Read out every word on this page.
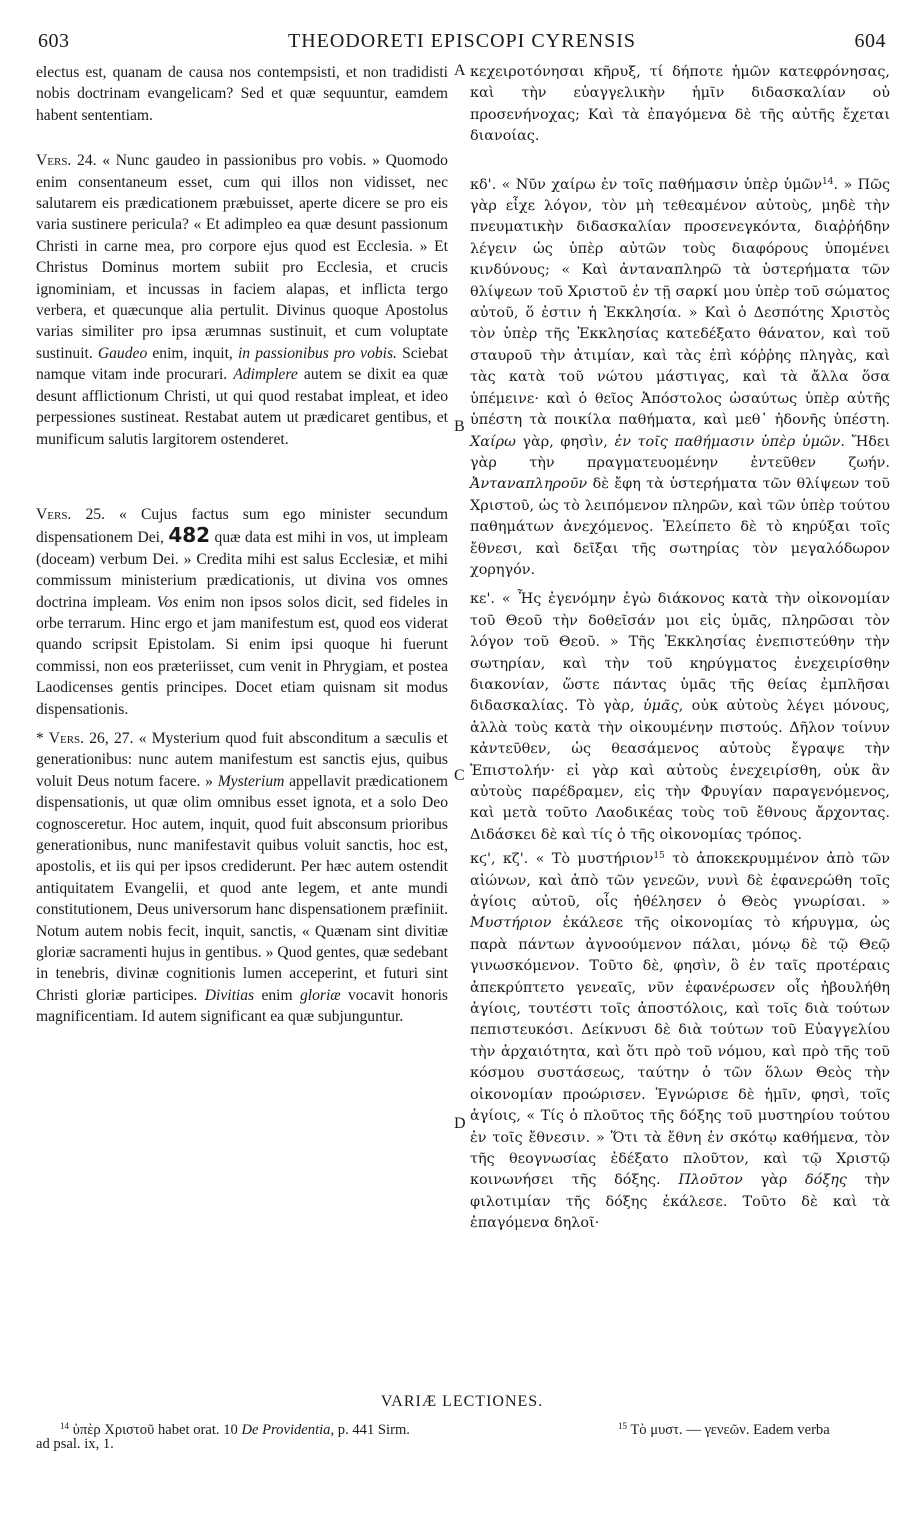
603	THEODORETI EPISCOPI CYRENSIS	604
A
B
C
D

electus est, quanam de causa nos contempsisti, et non tradidisti nobis doctrinam evangelicam? Sed et quæ sequuntur, eamdem habent sententiam.

Vers. 24. « Nunc gaudeo in passionibus pro vobis. » Quomodo enim consentaneum esset, cum qui illos non vidisset, nec salutarem eis prædicationem præbuisset, aperte dicere se pro eis varia sustinere pericula? « Et adimpleo ea quæ desunt passionum Christi in carne mea, pro corpore ejus quod est Ecclesia. » Et Christus Dominus mortem subiit pro Ecclesia, et crucis ignominiam, et incussas in faciem alapas, et inflicta tergo verbera, et quæcunque alia pertulit. Divinus quoque Apostolus varias similiter pro ipsa ærumnas sustinuit, et cum voluptate sustinuit. Gaudeo enim, inquit, in passionibus pro vobis. Sciebat namque vitam inde procurari. Adimplere autem se dixit ea quæ desunt afflictionum Christi, ut qui quod restabat impleat, et ideo perpessiones sustineat. Restabat autem ut prædicaret gentibus, et munificum salutis largitorem ostenderet.

Vers. 25. « Cujus factus sum ego minister secundum dispensationem Dei, 482 quæ data est mihi in vos, ut impleam (doceam) verbum Dei. » Credita mihi est salus Ecclesiæ, et mihi commissum ministerium prædicationis, ut divina vos omnes doctrina impleam. Vos enim non ipsos solos dicit, sed fideles in orbe terrarum. Hinc ergo et jam manifestum est, quod eos viderat quando scripsit Epistolam. Si enim ipsi quoque hi fuerunt commissi, non eos præteriisset, cum venit in Phrygiam, et postea Laodicenses gentis principes. Docet etiam quisnam sit modus dispensationis.

* Vers. 26, 27. « Mysterium quod fuit absconditum a sæculis et generationibus: nunc autem manifestum est sanctis ejus, quibus voluit Deus notum facere. » Mysterium appellavit prædicationem dispensationis, ut quæ olim omnibus esset ignota, et a solo Deo cognosceretur. Hoc autem, inquit, quod fuit absconsum prioribus generationibus, nunc manifestavit quibus voluit sanctis, hoc est, apostolis, et iis qui per ipsos crediderunt. Per hæc autem ostendit antiquitatem Evangelii, et quod ante legem, et ante mundi constitutionem, Deus universorum hanc dispensationem præfiniit. Notum autem nobis fecit, inquit, sanctis, « Quænam sint divitiæ gloriæ sacramenti hujus in gentibus. » Quod gentes, quæ sedebant in tenebris, divinæ cognitionis lumen acceperint, et futuri sint Christi gloriæ participes. Divitias enim gloriæ vocavit honoris magnificentiam. Id autem significant ea quæ subjunguntur.

κεχειροτόνησαι κῆρυξ, τί δήποτε ἡμῶν κατεφρόνησας, καὶ τὴν εὐαγγελικὴν ἡμῖν διδασκαλίαν οὐ προσενήνοχας; Καὶ τὰ ἐπαγόμενα δὲ τῆς αὐτῆς ἔχεται διανοίας.

κδ'. « Νῦν χαίρω ἐν τοῖς παθήμασιν ὑπὲρ ὑμῶν$^{14}$. » Πῶς γὰρ εἶχε λόγον, τὸν μὴ τεθεαμένον αὐτοὺς, μηδὲ τὴν πνευματικὴν διδασκαλίαν προσενεγκόντα, διαῤῥήδην λέγειν ὡς ὑπὲρ αὐτῶν τοὺς διαφόρους ὑπομένει κινδύνους; « Καὶ ἀνταναπληρῶ τὰ ὑστερήματα τῶν θλίψεων τοῦ Χριστοῦ ἐν τῇ σαρκί μου ὑπὲρ τοῦ σώματος αὐτοῦ, ὅ ἐστιν ἡ Ἐκκλησία. » Καὶ ὁ Δεσπότης Χριστὸς τὸν ὑπὲρ τῆς Ἐκκλησίας κατεδέξατο θάνατον, καὶ τοῦ σταυροῦ τὴν ἀτιμίαν, καὶ τὰς ἐπὶ κόῤῥης πληγὰς, καὶ τὰς κατὰ τοῦ νώτου μάστιγας, καὶ τὰ ἄλλα ὅσα ὑπέμεινε· καὶ ὁ θεῖος Ἀπόστολος ὡσαύτως ὑπὲρ αὐτῆς ὑπέστη τὰ ποικίλα παθήματα, καὶ μεθ᾽ ἡδονῆς ὑπέστη. Χαίρω γὰρ, φησὶν, ἐν τοῖς παθήμασιν ὑπὲρ ὑμῶν. Ἤδει γὰρ τὴν πραγματευομένην ἐντεῦθεν ζωήν. Ἀνταναπληροῦν δὲ ἔφη τὰ ὑστερήματα τῶν θλίψεων τοῦ Χριστοῦ, ὡς τὸ λειπόμενον πληρῶν, καὶ τῶν ὑπὲρ τούτου παθημάτων ἀνεχόμενος. Ἐλείπετο δὲ τὸ κηρύξαι τοῖς ἔθνεσι, καὶ δεῖξαι τῆς σωτηρίας τὸν μεγαλόδωρον χορηγόν.

κε'. « Ἧς ἐγενόμην ἐγὼ διάκονος κατὰ τὴν οἰκονομίαν τοῦ Θεοῦ τὴν δοθεῖσάν μοι εἰς ὑμᾶς, πληρῶσαι τὸν λόγον τοῦ Θεοῦ. » Τῆς Ἐκκλησίας ἐνεπιστεύθην τὴν σωτηρίαν, καὶ τὴν τοῦ κηρύγματος ἐνεχειρίσθην διακονίαν, ὥστε πάντας ὑμᾶς τῆς θείας ἐμπλῆσαι διδασκαλίας. Τὸ γὰρ, ὑμᾶς, οὐκ αὐτοὺς λέγει μόνους, ἀλλὰ τοὺς κατὰ τὴν οἰκουμένην πιστούς. Δῆλον τοίνυν κἀντεῦθεν, ὡς θεασάμενος αὐτοὺς ἔγραψε τὴν Ἐπιστολήν· εἰ γὰρ καὶ αὐτοὺς ἐνεχειρίσθη, οὐκ ἂν αὐτοὺς παρέδραμεν, εἰς τὴν Φρυγίαν παραγενόμενος, καὶ μετὰ τοῦτο Λαοδικέας τοὺς τοῦ ἔθνους ἄρχοντας. Διδάσκει δὲ καὶ τίς ὁ τῆς οἰκονομίας τρόπος.

κϛ', κζ'. « Τὸ μυστήριον$^{15}$ τὸ ἀποκεκρυμμένον ἀπὸ τῶν αἰώνων, καὶ ἀπὸ τῶν γενεῶν, νυνὶ δὲ ἐφανερώθη τοῖς ἁγίοις αὐτοῦ, οἷς ἠθέλησεν ὁ Θεὸς γνωρίσαι. » Μυστήριον ἐκάλεσε τῆς οἰκονομίας τὸ κήρυγμα, ὡς παρὰ πάντων ἀγνοούμενον πάλαι, μόνῳ δὲ τῷ Θεῷ γινωσκόμενον. Τοῦτο δὲ, φησὶν, ὃ ἐν ταῖς προτέραις ἀπεκρύπτετο γενεαῖς, νῦν ἐφανέρωσεν οἷς ἠβουλήθη ἁγίοις, τουτέστι τοῖς ἀποστόλοις, καὶ τοῖς διὰ τούτων πεπιστευκόσι. Δείκνυσι δὲ διὰ τούτων τοῦ Εὐαγγελίου τὴν ἀρχαιότητα, καὶ ὅτι πρὸ τοῦ νόμου, καὶ πρὸ τῆς τοῦ κόσμου συστάσεως, ταύτην ὁ τῶν ὅλων Θεὸς τὴν οἰκονομίαν προώρισεν. Ἐγνώρισε δὲ ἡμῖν, φησὶ, τοῖς ἁγίοις, « Τίς ὁ πλοῦτος τῆς δόξης τοῦ μυστηρίου τούτου ἐν τοῖς ἔθνεσιν. » Ὅτι τὰ ἔθνη ἐν σκότῳ καθήμενα, τὸν τῆς θεογνωσίας ἐδέξατο πλοῦτον, καὶ τῷ Χριστῷ κοινωνήσει τῆς δόξης. Πλοῦτον γὰρ δόξης τὴν φιλοτιμίαν τῆς δόξης ἐκάλεσε. Τοῦτο δὲ καὶ τὰ ἐπαγόμενα δηλοῖ·

VARIÆ LECTIONES.
$^{14}$ ὑπὲρ Χριστοῦ habet orat. 10 De Providentia, p. 441 Sirm.	$^{15}$ Τὸ μυστ. — γενεῶν. Eadem verba
ad psal. ix, 1.
